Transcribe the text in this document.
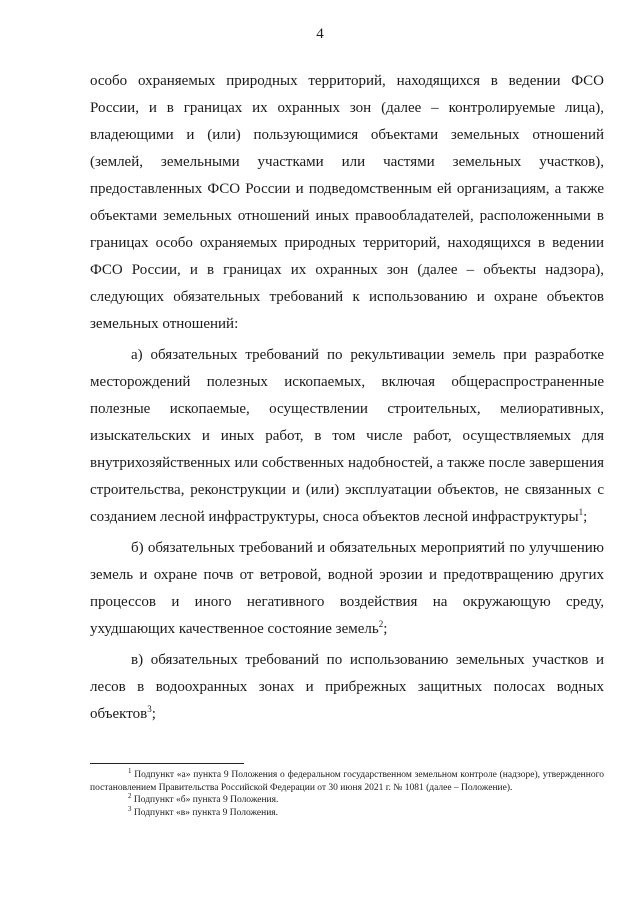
4

особо охраняемых природных территорий, находящихся в ведении ФСО России, и в границах их охранных зон (далее – контролируемые лица), владеющими и (или) пользующимися объектами земельных отношений (землей, земельными участками или частями земельных участков), предоставленных ФСО России и подведомственным ей организациям, а также объектами земельных отношений иных правообладателей, расположенными в границах особо охраняемых природных территорий, находящихся в ведении ФСО России, и в границах их охранных зон (далее – объекты надзора), следующих обязательных требований к использованию и охране объектов земельных отношений:

а) обязательных требований по рекультивации земель при разработке месторождений полезных ископаемых, включая общераспространенные полезные ископаемые, осуществлении строительных, мелиоративных, изыскательских и иных работ, в том числе работ, осуществляемых для внутрихозяйственных или собственных надобностей, а также после завершения строительства, реконструкции и (или) эксплуатации объектов, не связанных с созданием лесной инфраструктуры, сноса объектов лесной инфраструктуры$^1$;

б) обязательных требований и обязательных мероприятий по улучшению земель и охране почв от ветровой, водной эрозии и предотвращению других процессов и иного негативного воздействия на окружающую среду, ухудшающих качественное состояние земель$^2$;

в) обязательных требований по использованию земельных участков и лесов в водоохранных зонах и прибрежных защитных полосах водных объектов$^3$;

$^1$ Подпункт «а» пункта 9 Положения о федеральном государственном земельном контроле (надзоре), утвержденного постановлением Правительства Российской Федерации от 30 июня 2021 г. № 1081 (далее – Положение).

$^2$ Подпункт «б» пункта 9 Положения.

$^3$ Подпункт «в» пункта 9 Положения.
